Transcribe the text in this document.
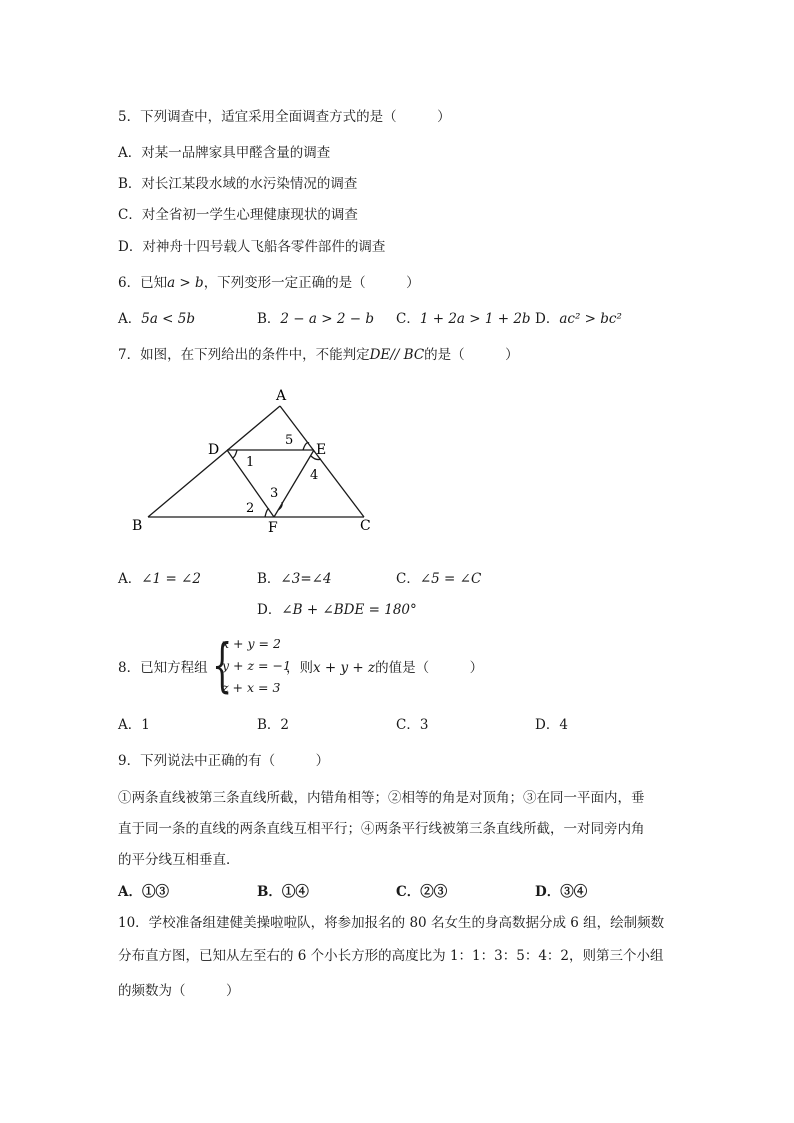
5．下列调查中，适宜采用全面调查方式的是（　　　）
A．对某一品牌家具甲醛含量的调查
B．对长江某段水域的水污染情况的调查
C．对全省初一学生心理健康现状的调查
D．对神舟十四号载人飞船各零件部件的调查
6．已知a > b，下列变形一定正确的是（　　　）
A．5a < 5b	B．2 − a > 2 − b C．1 + 2a > 1 + 2b D．ac² > bc²
7．如图，在下列给出的条件中，不能判定DE// BC的是（　　　）
A
B	C
D	E
F
1
2
3
4
5
A．∠1 = ∠2	B．∠3=∠4	C．∠5 = ∠C
D．∠B + ∠BDE = 180°
8．已知方程组 {
x + y = 2
y + z = −1
z + x = 3
，则x + y + z的值是（　　　）
A．1	B．2	C．3	D．4
9．下列说法中正确的有（　　　）
①两条直线被第三条直线所截，内错角相等；②相等的角是对顶角；③在同一平面内，垂
直于同一条的直线的两条直线互相平行；④两条平行线被第三条直线所截，一对同旁内角
的平分线互相垂直．
A．①③	B．①④	C．②③	D．③④
10．学校准备组建健美操啦啦队，将参加报名的 80 名女生的身高数据分成 6 组，绘制频数
分布直方图，已知从左至右的 6 个小长方形的高度比为 1：1：3：5：4：2，则第三个小组
的频数为（　　　）
